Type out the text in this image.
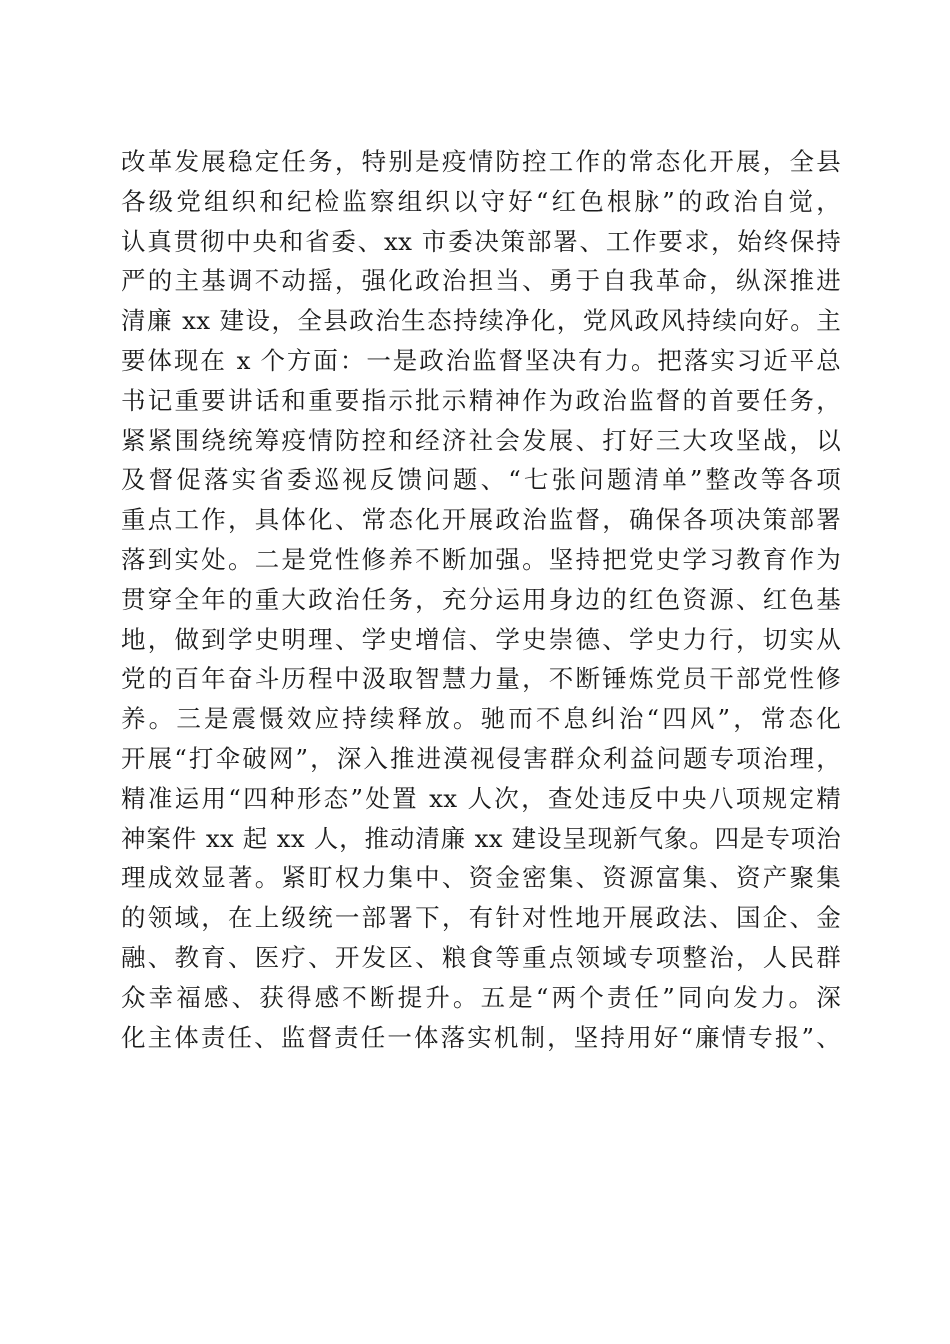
改革发展稳定任务，特别是疫情防控工作的常态化开展，全县
各级党组织和纪检监察组织以守好“红色根脉”的政治自觉，
认真贯彻中央和省委、xx 市委决策部署、工作要求，始终保持
严的主基调不动摇，强化政治担当、勇于自我革命，纵深推进
清廉 xx 建设，全县政治生态持续净化，党风政风持续向好。主
要体现在 x 个方面：一是政治监督坚决有力。把落实习近平总
书记重要讲话和重要指示批示精神作为政治监督的首要任务，
紧紧围绕统筹疫情防控和经济社会发展、打好三大攻坚战，以
及督促落实省委巡视反馈问题、“七张问题清单”整改等各项
重点工作，具体化、常态化开展政治监督，确保各项决策部署
落到实处。二是党性修养不断加强。坚持把党史学习教育作为
贯穿全年的重大政治任务，充分运用身边的红色资源、红色基
地，做到学史明理、学史增信、学史崇德、学史力行，切实从
党的百年奋斗历程中汲取智慧力量，不断锤炼党员干部党性修
养。三是震慑效应持续释放。驰而不息纠治“四风”，常态化
开展“打伞破网”，深入推进漠视侵害群众利益问题专项治理，
精准运用“四种形态”处置 xx 人次，查处违反中央八项规定精
神案件 xx 起 xx 人，推动清廉 xx 建设呈现新气象。四是专项治
理成效显著。紧盯权力集中、资金密集、资源富集、资产聚集
的领域，在上级统一部署下，有针对性地开展政法、国企、金
融、教育、医疗、开发区、粮食等重点领域专项整治，人民群
众幸福感、获得感不断提升。五是“两个责任”同向发力。深
化主体责任、监督责任一体落实机制，坚持用好“廉情专报”、
